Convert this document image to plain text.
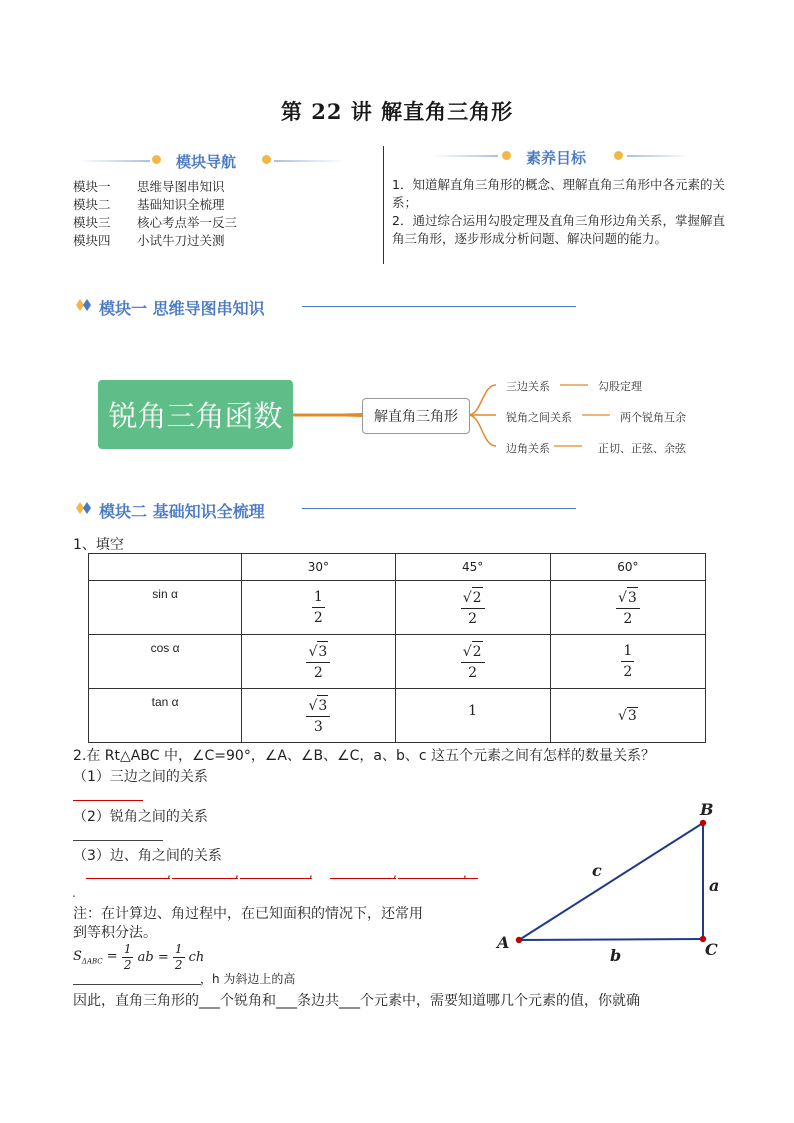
第 22 讲 解直角三角形
模块导航
模块一 思维导图串知识
模块二 基础知识全梳理
模块三 核心考点举一反三
模块四 小试牛刀过关测
素养目标
1．知道解直角三角形的概念、理解直角三角形中各元素的关系；
2．通过综合运用勾股定理及直角三角形边角关系，掌握解直角三角形，逐步形成分析问题、解决问题的能力。
模块一 思维导图串知识
锐角三角函数	解直角三角形
三边关系	勾股定理
锐角之间关系	两个锐角互余
边角关系	正切、正弦、余弦
模块二 基础知识全梳理
1、填空
	30°	45°	60°
sin α	$\frac{1}{2}$	$\frac{√2}{2}$	$\frac{√3}{2}$

cos α	$\frac{√3}{2}$	$\frac{√2}{2}$	$\frac{1}{2}$

tan α	$\frac{√3}{3}$	1	√3
2.在 Rt△ABC 中，∠C=90°，∠A、∠B、∠C，a、b、c 这五个元素之间有怎样的数量关系？
（1）三边之间的关系
（2）锐角之间的关系
（3）边、角之间的关系
,	,	,	,	,
.
注：在计算边、角过程中，在已知面积的情况下，还常用
到等积分法。
$S_{\Delta ABC} = \frac{1}{2}$ ab = $\frac{1}{2}$ ch
，h 为斜边上的高
因此，直角三角形的___个锐角和___条边共___个元素中，需要知道哪几个元素的值，你就确
A
B
C
a
b
c
